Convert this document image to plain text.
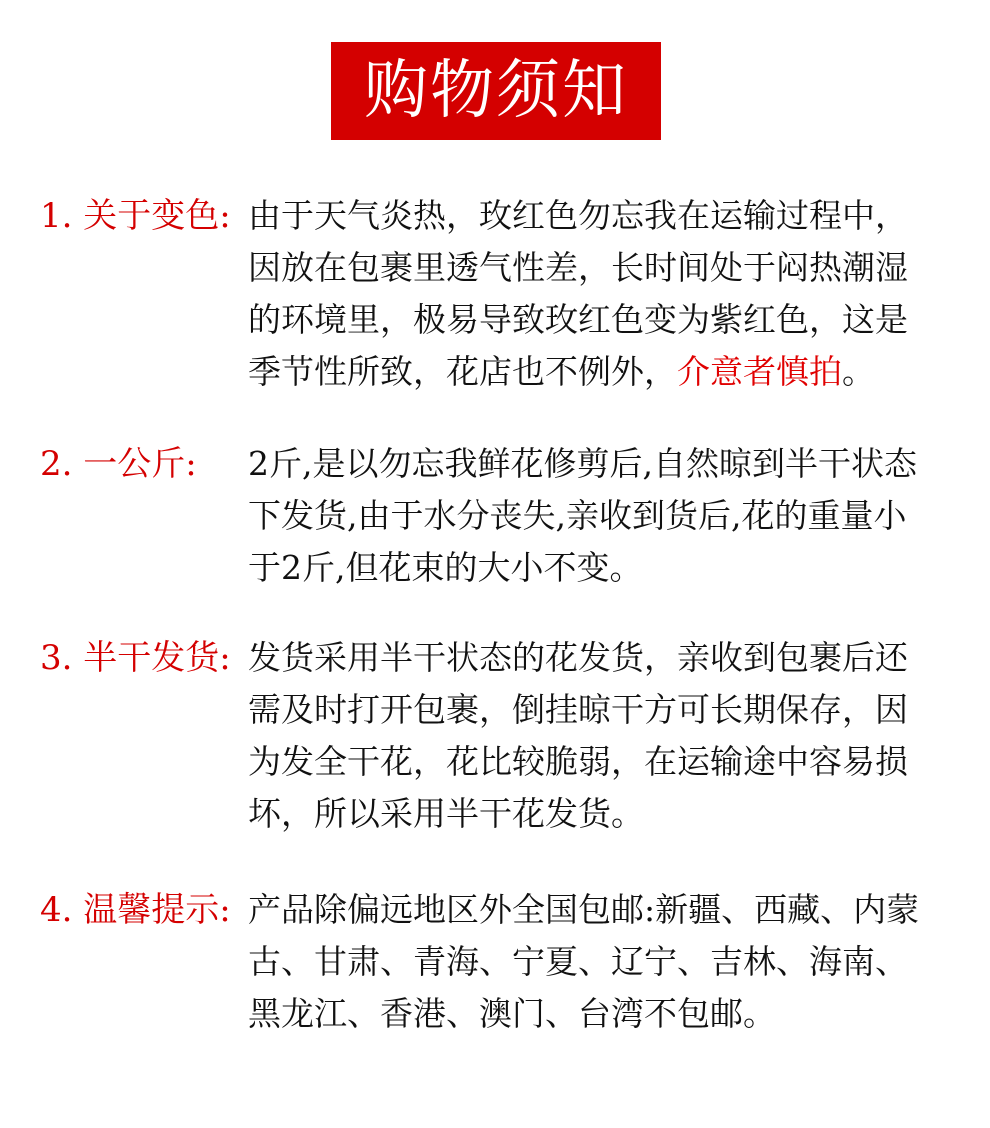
购物须知
1. 关于变色: 由于天气炎热，玫红色勿忘我在运输过程中，
因放在包裹里透气性差，长时间处于闷热潮湿
的环境里，极易导致玫红色变为紫红色，这是
季节性所致，花店也不例外，介意者慎拍。
2. 一公斤: 2斤,是以勿忘我鲜花修剪后,自然晾到半干状态
下发货,由于水分丧失,亲收到货后,花的重量小
于2斤,但花束的大小不变。
3. 半干发货: 发货采用半干状态的花发货，亲收到包裹后还
需及时打开包裹，倒挂晾干方可长期保存，因
为发全干花，花比较脆弱，在运输途中容易损
坏，所以采用半干花发货。
4. 温馨提示: 产品除偏远地区外全国包邮:新疆、西藏、内蒙
古、甘肃、青海、宁夏、辽宁、吉林、海南、
黑龙江、香港、澳门、台湾不包邮。
